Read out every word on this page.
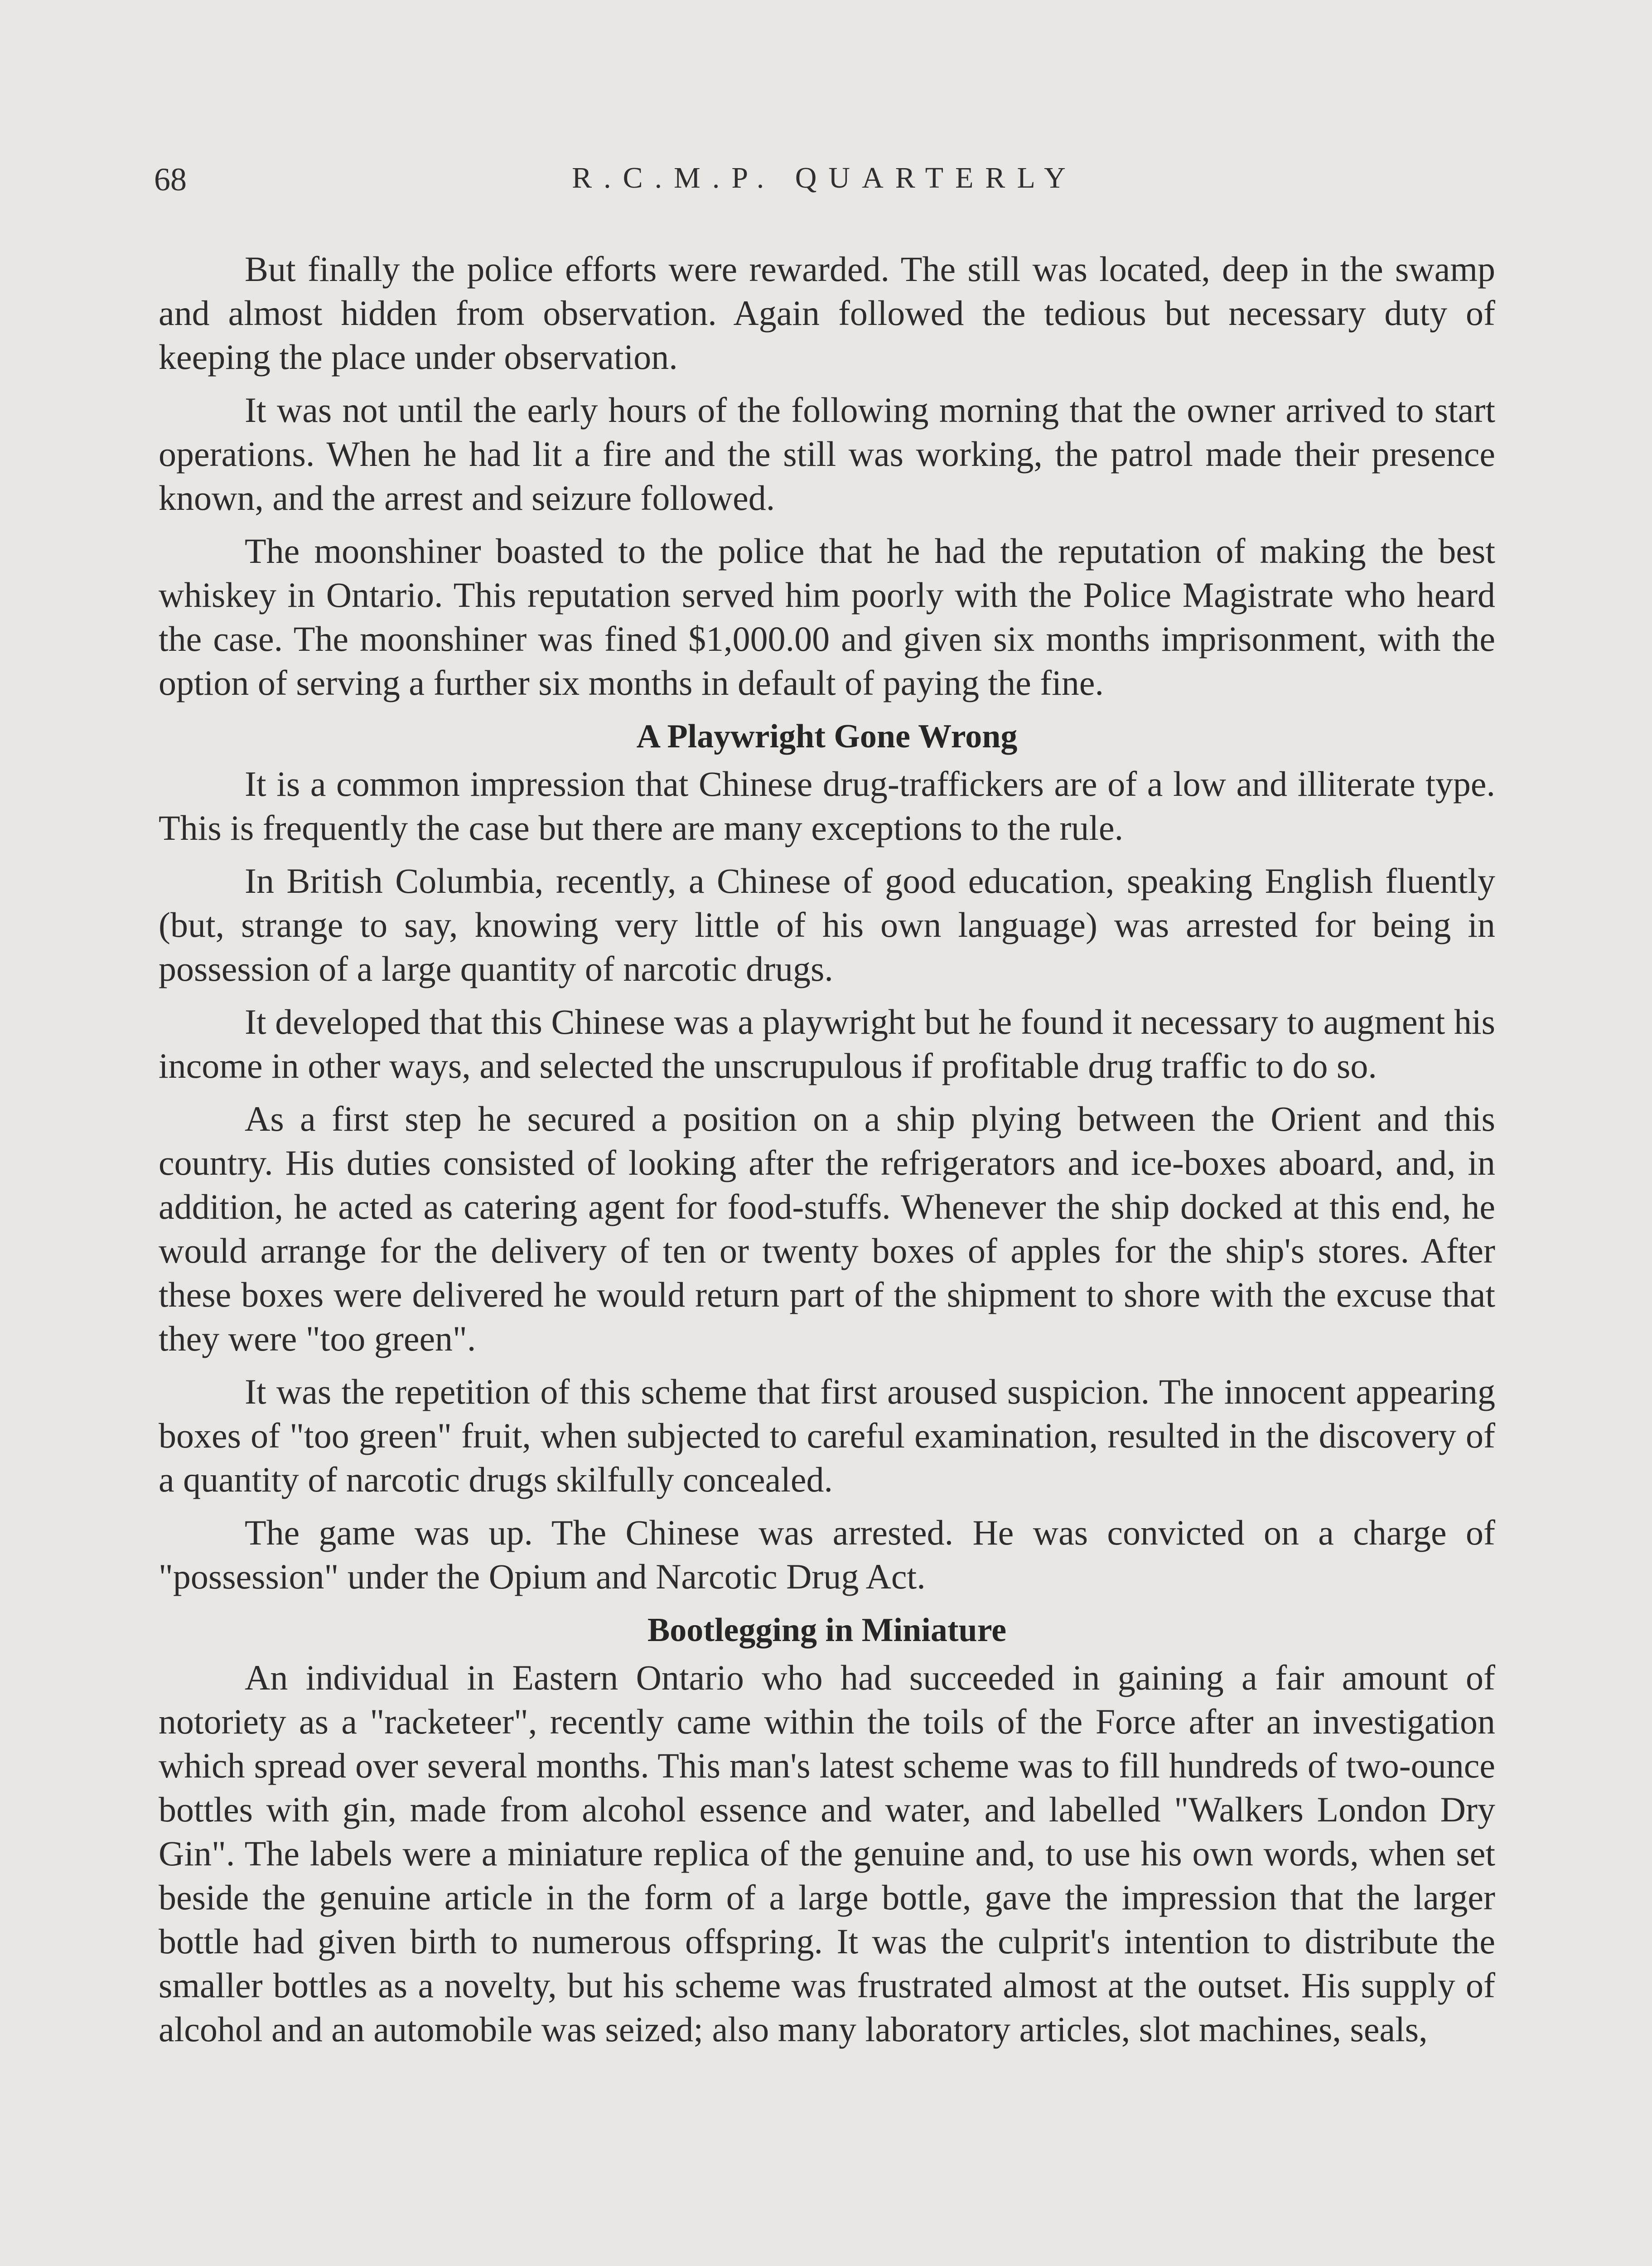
68	R.C.M.P. QUARTERLY

But finally the police efforts were rewarded. The still was located, deep in the swamp and almost hidden from observation. Again followed the tedious but necessary duty of keeping the place under observation.

It was not until the early hours of the following morning that the owner arrived to start operations. When he had lit a fire and the still was working, the patrol made their presence known, and the arrest and seizure followed.

The moonshiner boasted to the police that he had the reputation of making the best whiskey in Ontario. This reputation served him poorly with the Police Magistrate who heard the case. The moonshiner was fined $1,000.00 and given six months imprisonment, with the option of serving a further six months in default of paying the fine.

A Playwright Gone Wrong

It is a common impression that Chinese drug-traffickers are of a low and illiterate type. This is frequently the case but there are many exceptions to the rule.

In British Columbia, recently, a Chinese of good education, speaking English fluently (but, strange to say, knowing very little of his own language) was arrested for being in possession of a large quantity of narcotic drugs.

It developed that this Chinese was a playwright but he found it necessary to augment his income in other ways, and selected the unscrupulous if profitable drug traffic to do so.

As a first step he secured a position on a ship plying between the Orient and this country. His duties consisted of looking after the refrigerators and ice-boxes aboard, and, in addition, he acted as catering agent for food-stuffs. Whenever the ship docked at this end, he would arrange for the delivery of ten or twenty boxes of apples for the ship's stores. After these boxes were delivered he would return part of the shipment to shore with the excuse that they were "too green".

It was the repetition of this scheme that first aroused suspicion. The innocent appearing boxes of "too green" fruit, when subjected to careful examination, resulted in the discovery of a quantity of narcotic drugs skilfully concealed.

The game was up. The Chinese was arrested. He was convicted on a charge of "possession" under the Opium and Narcotic Drug Act.

Bootlegging in Miniature

An individual in Eastern Ontario who had succeeded in gaining a fair amount of notoriety as a "racketeer", recently came within the toils of the Force after an investigation which spread over several months. This man's latest scheme was to fill hundreds of two-ounce bottles with gin, made from alcohol essence and water, and labelled "Walkers London Dry Gin". The labels were a miniature replica of the genuine and, to use his own words, when set beside the genuine article in the form of a large bottle, gave the impression that the larger bottle had given birth to numerous offspring. It was the culprit's intention to distribute the smaller bottles as a novelty, but his scheme was frustrated almost at the outset. His supply of alcohol and an automobile was seized; also many laboratory articles, slot machines, seals,
